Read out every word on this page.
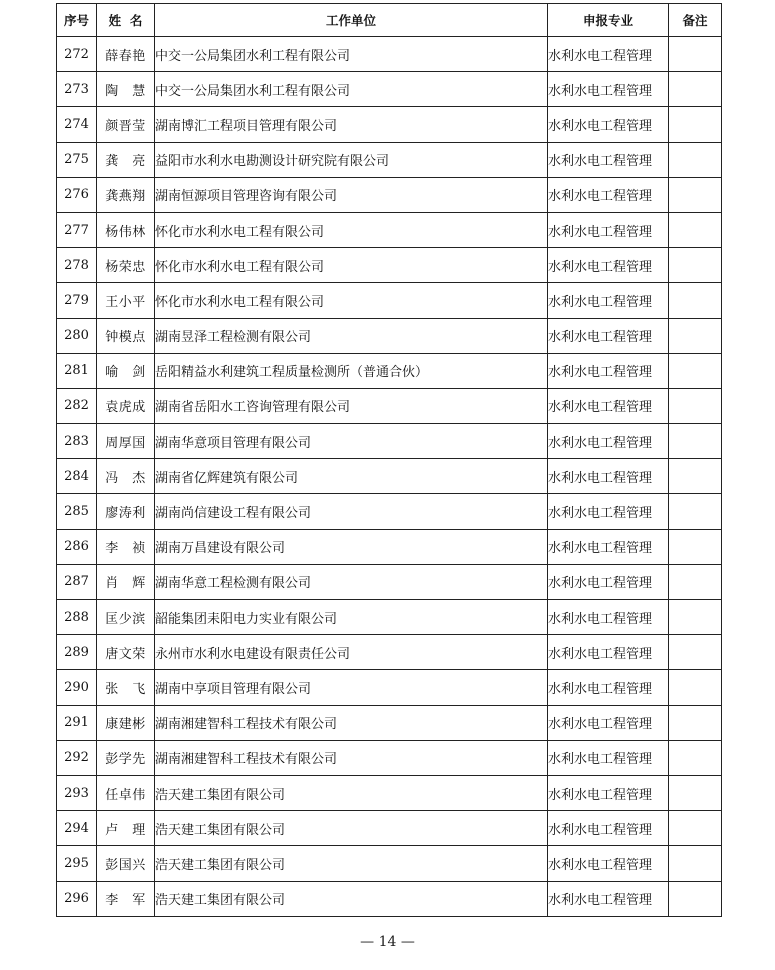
序号	姓  名	工作单位	申报专业	备注
272	薛春艳	中交一公局集团水利工程有限公司	水利水电工程管理	
273	陶　慧	中交一公局集团水利工程有限公司	水利水电工程管理	
274	颜晋莹	湖南博汇工程项目管理有限公司	水利水电工程管理	
275	龚　亮	益阳市水利水电勘测设计研究院有限公司	水利水电工程管理	
276	龚燕翔	湖南恒源项目管理咨询有限公司	水利水电工程管理	
277	杨伟林	怀化市水利水电工程有限公司	水利水电工程管理	
278	杨荣忠	怀化市水利水电工程有限公司	水利水电工程管理	
279	王小平	怀化市水利水电工程有限公司	水利水电工程管理	
280	钟模点	湖南昱泽工程检测有限公司	水利水电工程管理	
281	喻　剑	岳阳精益水利建筑工程质量检测所（普通合伙）	水利水电工程管理	
282	袁虎成	湖南省岳阳水工咨询管理有限公司	水利水电工程管理	
283	周厚国	湖南华意项目管理有限公司	水利水电工程管理	
284	冯　杰	湖南省亿辉建筑有限公司	水利水电工程管理	
285	廖涛利	湖南尚信建设工程有限公司	水利水电工程管理	
286	李　祯	湖南万昌建设有限公司	水利水电工程管理	
287	肖　辉	湖南华意工程检测有限公司	水利水电工程管理	
288	匡少滨	韶能集团耒阳电力实业有限公司	水利水电工程管理	
289	唐文荣	永州市水利水电建设有限责任公司	水利水电工程管理	
290	张　飞	湖南中享项目管理有限公司	水利水电工程管理	
291	康建彬	湖南湘建智科工程技术有限公司	水利水电工程管理	
292	彭学先	湖南湘建智科工程技术有限公司	水利水电工程管理	
293	任卓伟	浩天建工集团有限公司	水利水电工程管理	
294	卢　理	浩天建工集团有限公司	水利水电工程管理	
295	彭国兴	浩天建工集团有限公司	水利水电工程管理	
296	李　军	浩天建工集团有限公司	水利水电工程管理	
— 14 —
